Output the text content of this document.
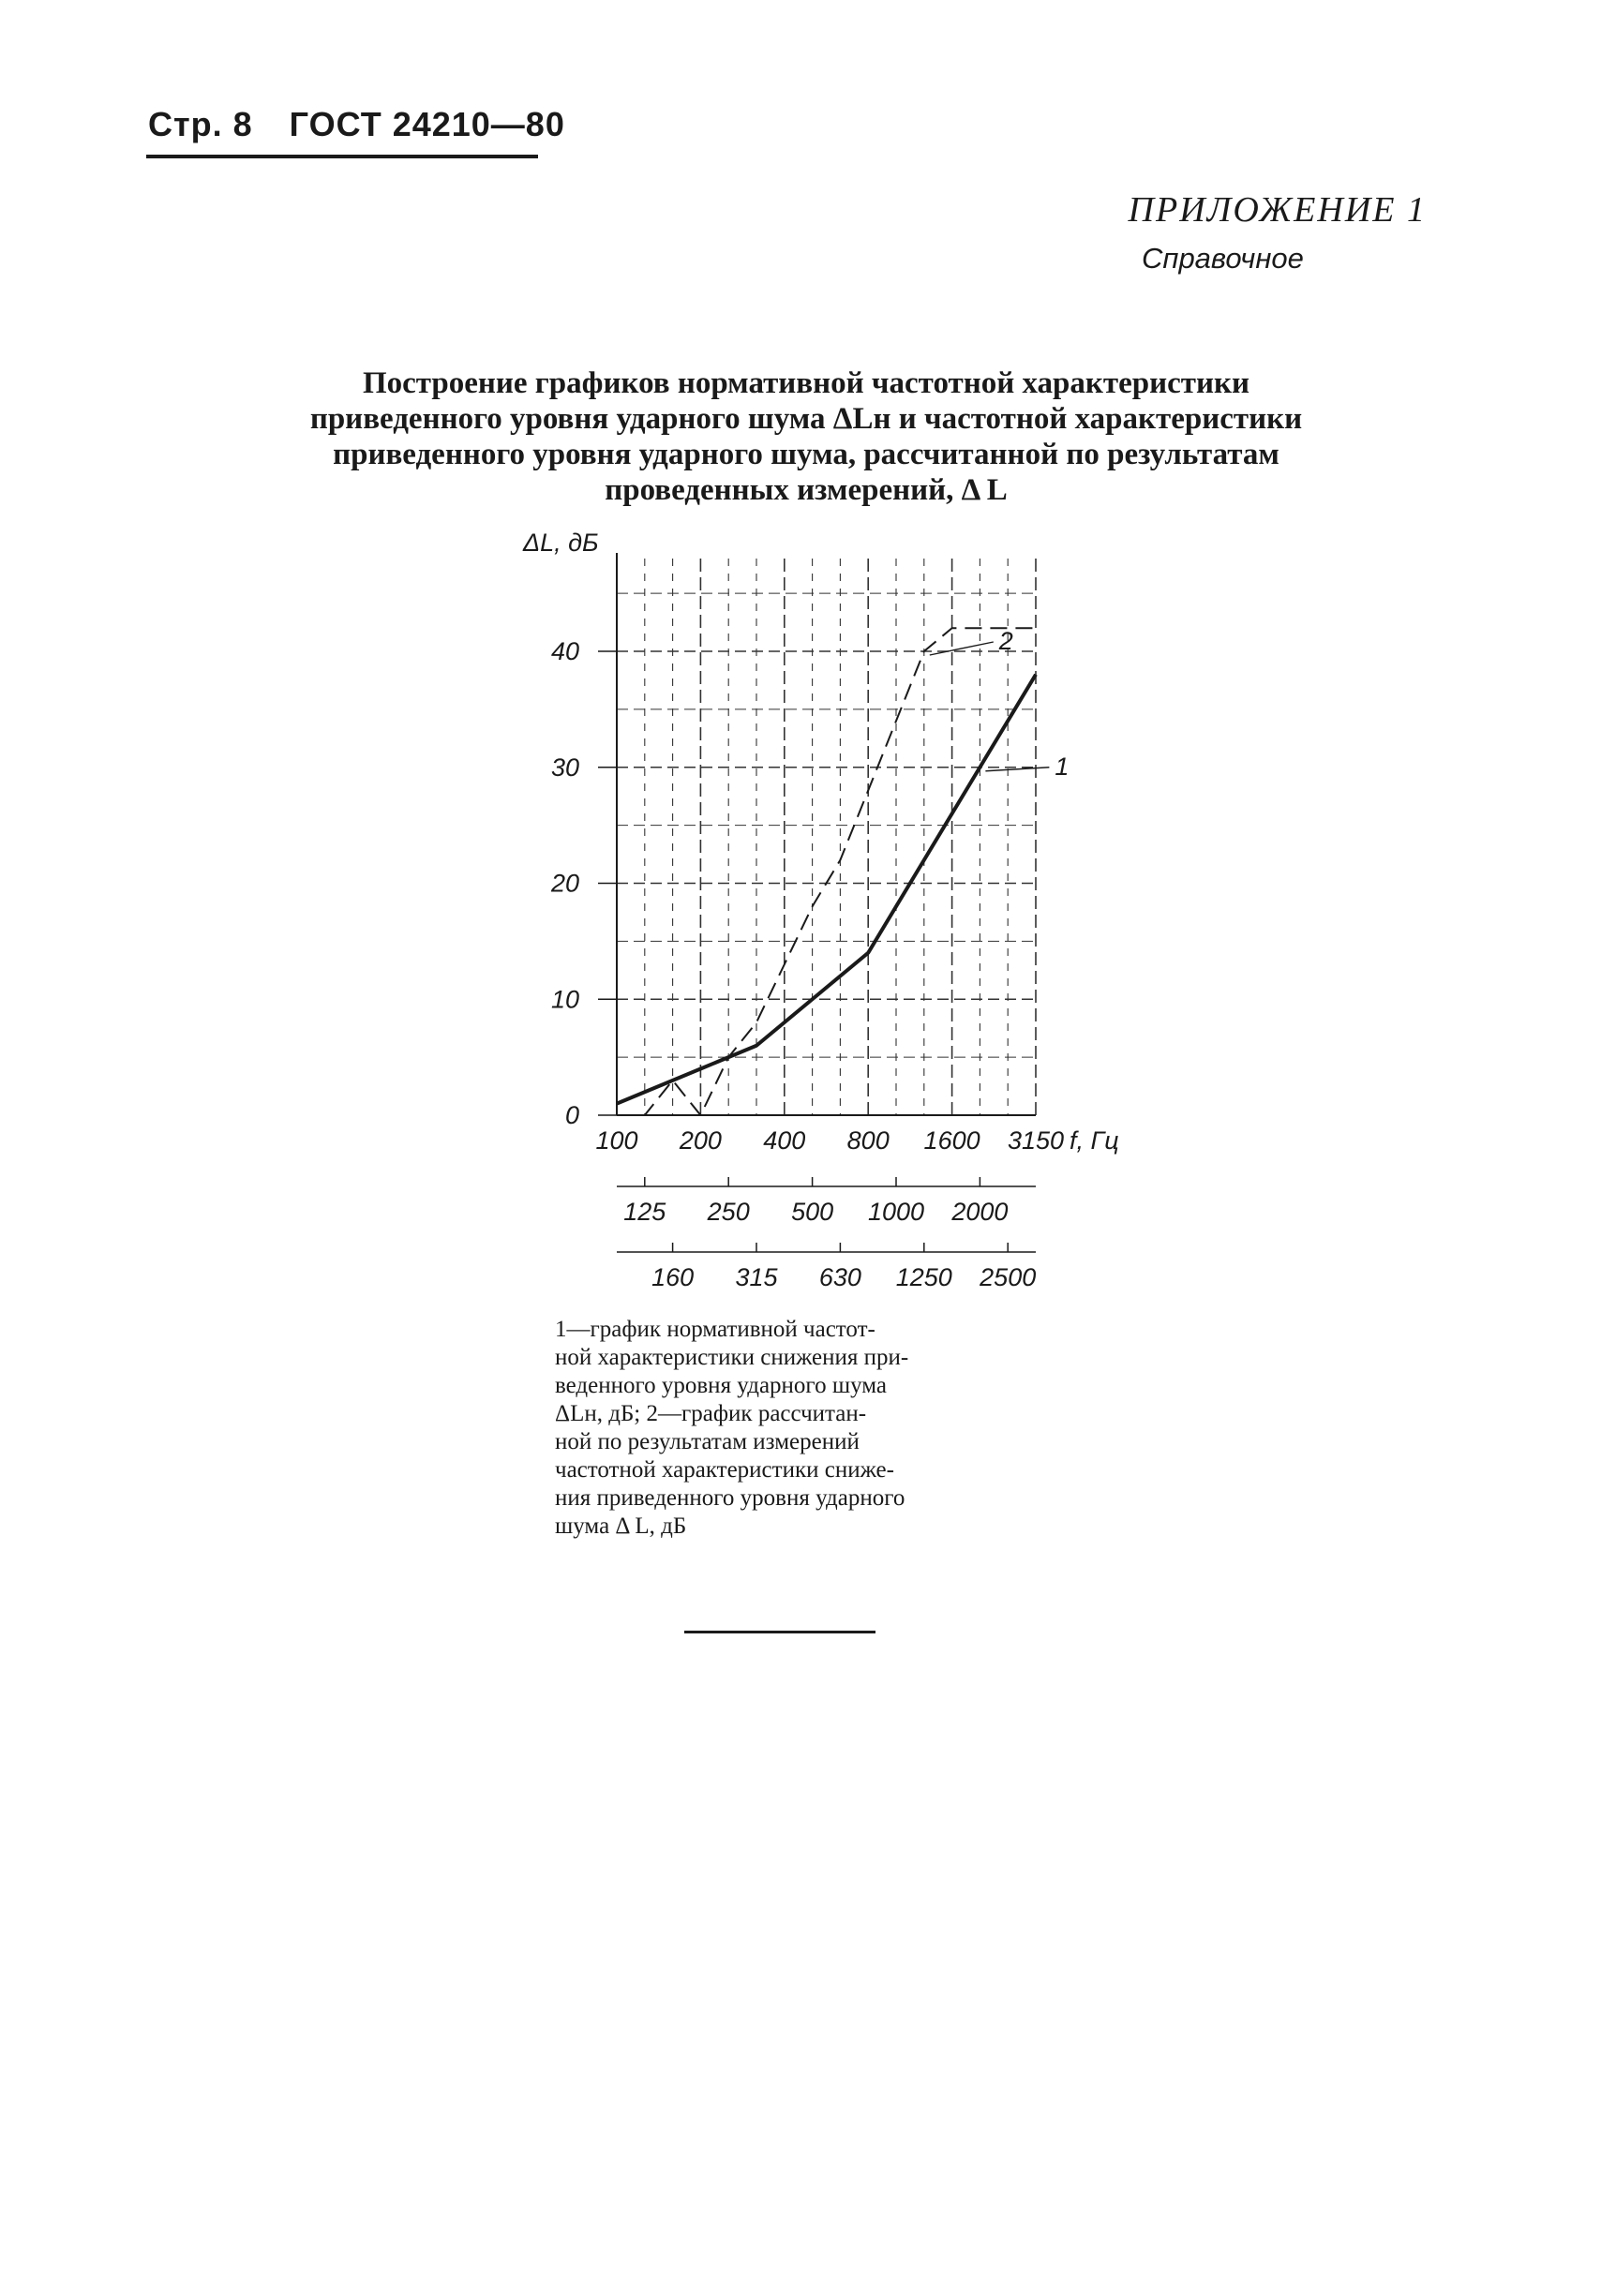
Стр. 8 ГОСТ 24210—80
ПРИЛОЖЕНИЕ 1
Справочное
Построение графиков нормативной частотной характеристики
приведенного уровня ударного шума ΔLн и частотной характеристики
приведенного уровня ударного шума, рассчитанной по результатам
проведенных измерений, Δ L
0
10
20
30
40
ΔL, дБ
100 200 400 800 1600 3150 f, Гц
125 250 500 1000 2000
160 315 630 1250 2500
1
2
1—график нормативной частот-
ной характеристики снижения при-
веденного уровня ударного шума
ΔLн, дБ; 2—график рассчитан-
ной по результатам измерений
частотной характеристики сниже-
ния приведенного уровня ударного
шума Δ L, дБ
